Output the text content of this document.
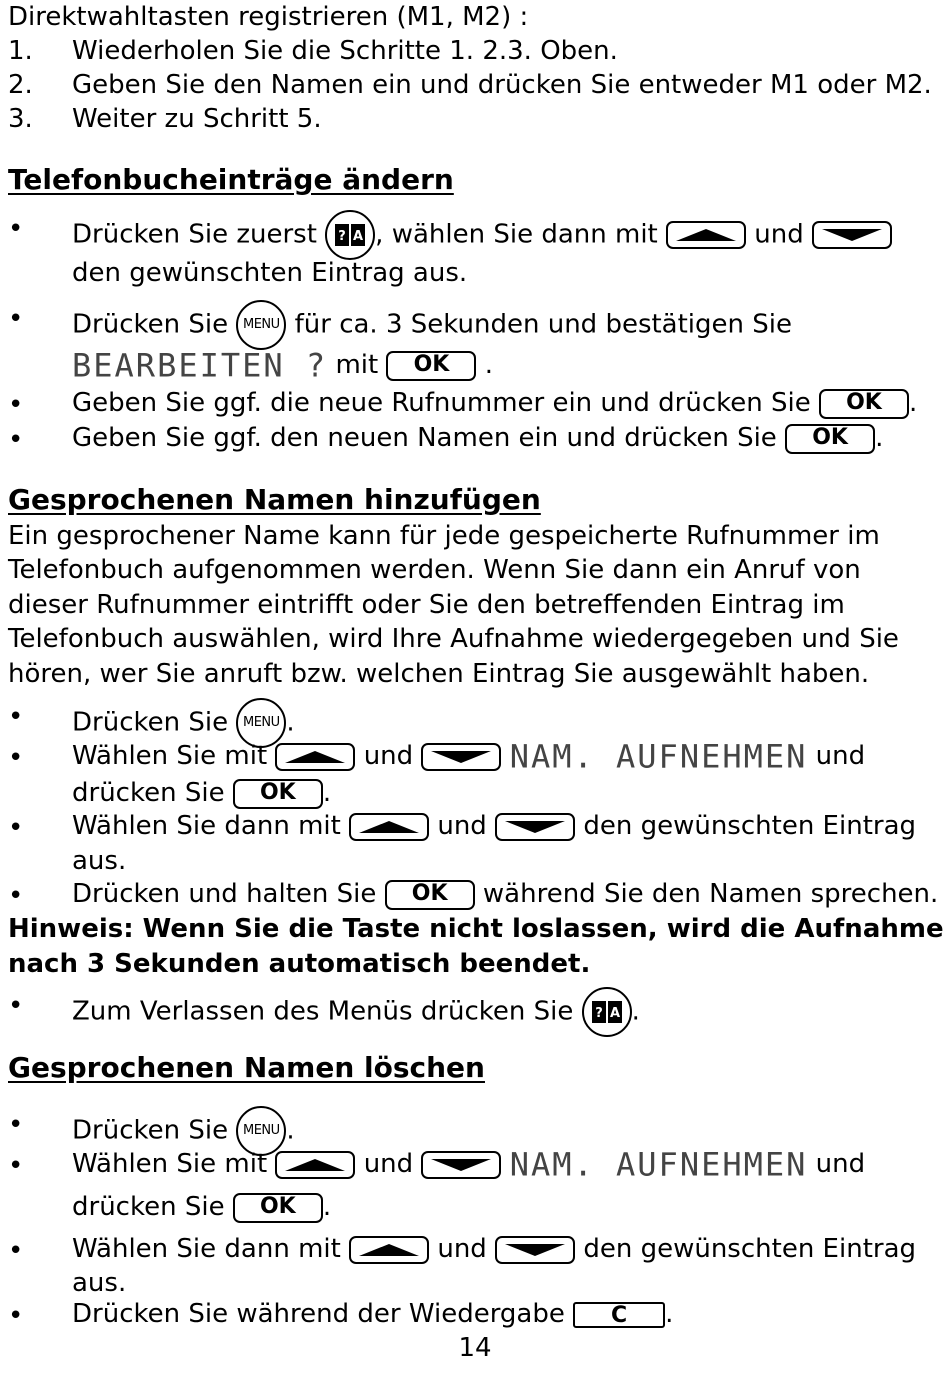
Direktwahltasten registrieren (M1, M2) :
1.	Wiederholen Sie die Schritte 1. 2.3. Oben.
2.	Geben Sie den Namen ein und drücken Sie entweder M1 oder M2.
3.	Weiter zu Schritt 5.
Telefonbucheinträge ändern
• Drücken Sie zuerst ? A , wählen Sie dann mit	und
den gewünschten Eintrag aus.
• Drücken Sie MENU für ca. 3 Sekunden und bestätigen Sie
BEARBEITEN ? mit OK .
• Geben Sie ggf. die neue Rufnummer ein und drücken Sie OK .
• Geben Sie ggf. den neuen Namen ein und drücken Sie OK .
Gesprochenen Namen hinzufügen
Ein gesprochener Name kann für jede gespeicherte Rufnummer im
Telefonbuch aufgenommen werden. Wenn Sie dann ein Anruf von
dieser Rufnummer eintrifft oder Sie den betreffenden Eintrag im
Telefonbuch auswählen, wird Ihre Aufnahme wiedergegeben und Sie
hören, wer Sie anruft bzw. welchen Eintrag Sie ausgewählt haben.
• Drücken Sie MENU .
• Wählen Sie mit	und	NAM. AUFNEHMEN und
drücken Sie OK .
• Wählen Sie dann mit	und	den gewünschten Eintrag
aus.
• Drücken und halten Sie OK während Sie den Namen sprechen.
Hinweis: Wenn Sie die Taste nicht loslassen, wird die Aufnahme
nach 3 Sekunden automatisch beendet.
• Zum Verlassen des Menüs drücken Sie ? A .
Gesprochenen Namen löschen
• Drücken Sie MENU .
• Wählen Sie mit	und	NAM. AUFNEHMEN und
drücken Sie OK .
• Wählen Sie dann mit	und	den gewünschten Eintrag
aus.
• Drücken Sie während der Wiedergabe C .
14
